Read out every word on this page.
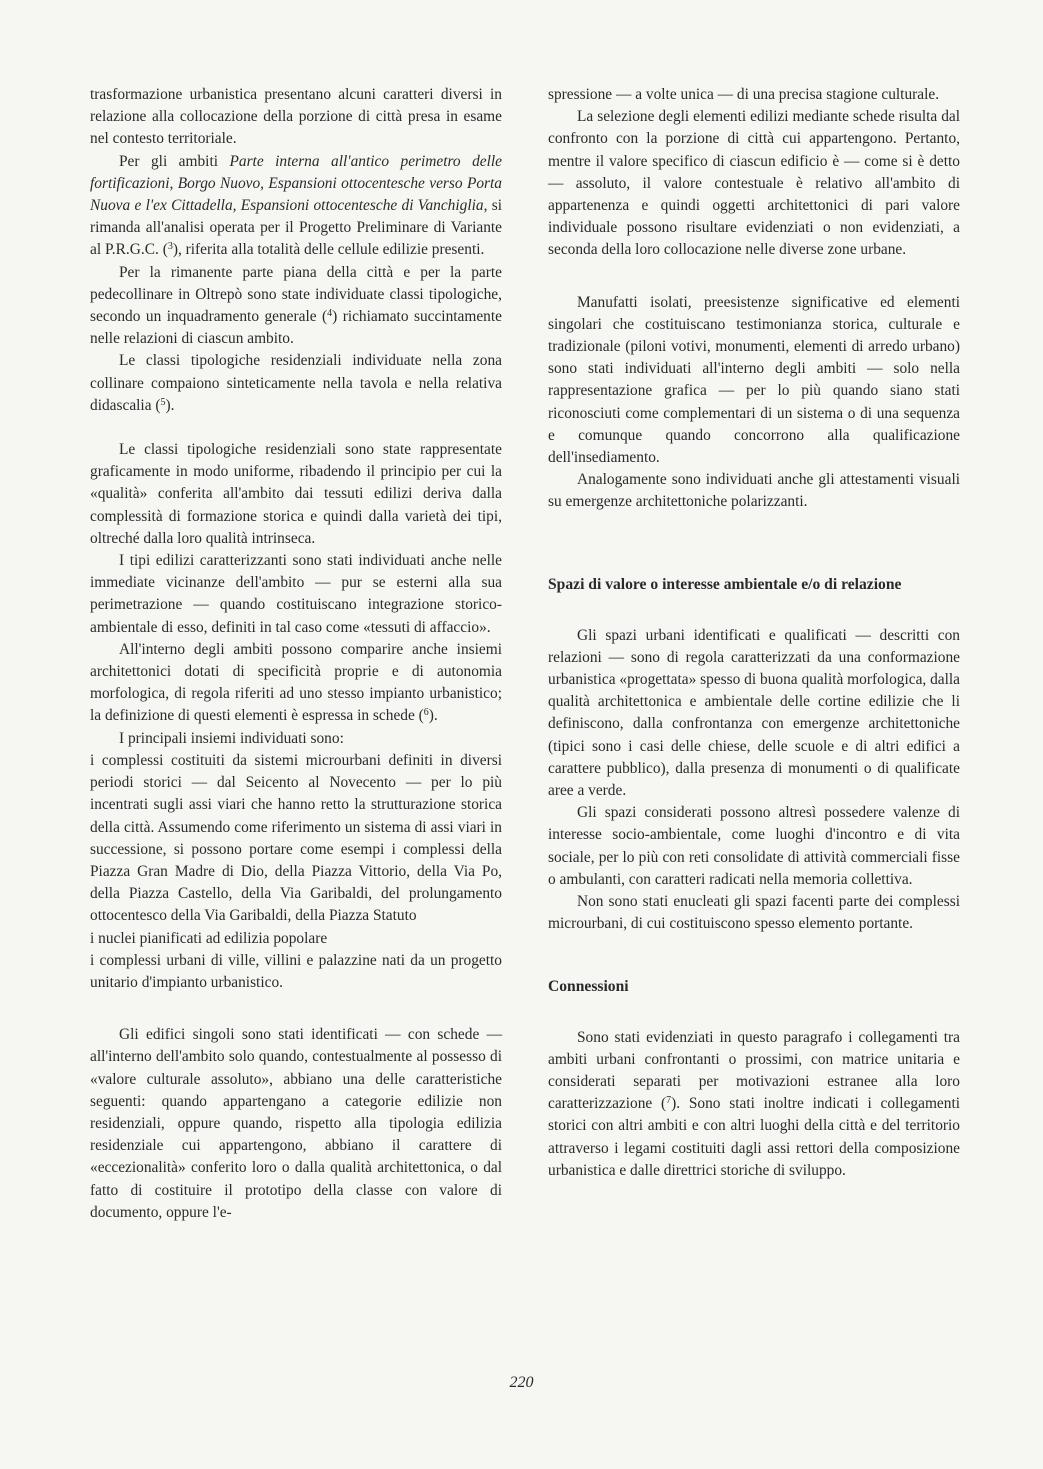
trasformazione urbanistica presentano alcuni caratteri diversi in relazione alla collocazione della porzione di città presa in esame nel contesto territoriale.

Per gli ambiti Parte interna all'antico perimetro delle fortificazioni, Borgo Nuovo, Espansioni ottocentesche verso Porta Nuova e l'ex Cittadella, Espansioni ottocentesche di Vanchiglia, si rimanda all'analisi operata per il Progetto Preliminare di Variante al P.R.G.C. ($^3$), riferita alla totalità delle cellule edilizie presenti.

Per la rimanente parte piana della città e per la parte pedecollinare in Oltrepò sono state individuate classi tipologiche, secondo un inquadramento generale ($^4$) richiamato succintamente nelle relazioni di ciascun ambito.

Le classi tipologiche residenziali individuate nella zona collinare compaiono sinteticamente nella tavola e nella relativa didascalia ($^5$).

Le classi tipologiche residenziali sono state rappresentate graficamente in modo uniforme, ribadendo il principio per cui la «qualità» conferita all'ambito dai tessuti edilizi deriva dalla complessità di formazione storica e quindi dalla varietà dei tipi, oltreché dalla loro qualità intrinseca.

I tipi edilizi caratterizzanti sono stati individuati anche nelle immediate vicinanze dell'ambito — pur se esterni alla sua perimetrazione — quando costituiscano integrazione storico-ambientale di esso, definiti in tal caso come «tessuti di affaccio».

All'interno degli ambiti possono comparire anche insiemi architettonici dotati di specificità proprie e di autonomia morfologica, di regola riferiti ad uno stesso impianto urbanistico; la definizione di questi elementi è espressa in schede ($^6$).

I principali insiemi individuati sono:

i complessi costituiti da sistemi microurbani definiti in diversi periodi storici — dal Seicento al Novecento — per lo più incentrati sugli assi viari che hanno retto la strutturazione storica della città. Assumendo come riferimento un sistema di assi viari in successione, si possono portare come esempi i complessi della Piazza Gran Madre di Dio, della Piazza Vittorio, della Via Po, della Piazza Castello, della Via Garibaldi, del prolungamento ottocentesco della Via Garibaldi, della Piazza Statuto

i nuclei pianificati ad edilizia popolare

i complessi urbani di ville, villini e palazzine nati da un progetto unitario d'impianto urbanistico.

Gli edifici singoli sono stati identificati — con schede — all'interno dell'ambito solo quando, contestualmente al possesso di «valore culturale assoluto», abbiano una delle caratteristiche seguenti: quando appartengano a categorie edilizie non residenziali, oppure quando, rispetto alla tipologia edilizia residenziale cui appartengono, abbiano il carattere di «eccezionalità» conferito loro o dalla qualità architettonica, o dal fatto di costituire il prototipo della classe con valore di documento, oppure l'e-

spressione — a volte unica — di una precisa stagione culturale.

La selezione degli elementi edilizi mediante schede risulta dal confronto con la porzione di città cui appartengono. Pertanto, mentre il valore specifico di ciascun edificio è — come si è detto — assoluto, il valore contestuale è relativo all'ambito di appartenenza e quindi oggetti architettonici di pari valore individuale possono risultare evidenziati o non evidenziati, a seconda della loro collocazione nelle diverse zone urbane.

Manufatti isolati, preesistenze significative ed elementi singolari che costituiscano testimonianza storica, culturale e tradizionale (piloni votivi, monumenti, elementi di arredo urbano) sono stati individuati all'interno degli ambiti — solo nella rappresentazione grafica — per lo più quando siano stati riconosciuti come complementari di un sistema o di una sequenza e comunque quando concorrono alla qualificazione dell'insediamento.

Analogamente sono individuati anche gli attestamenti visuali su emergenze architettoniche polarizzanti.

Spazi di valore o interesse ambientale e/o di relazione

Gli spazi urbani identificati e qualificati — descritti con relazioni — sono di regola caratterizzati da una conformazione urbanistica «progettata» spesso di buona qualità morfologica, dalla qualità architettonica e ambientale delle cortine edilizie che li definiscono, dalla confrontanza con emergenze architettoniche (tipici sono i casi delle chiese, delle scuole e di altri edifici a carattere pubblico), dalla presenza di monumenti o di qualificate aree a verde.

Gli spazi considerati possono altresì possedere valenze di interesse socio-ambientale, come luoghi d'incontro e di vita sociale, per lo più con reti consolidate di attività commerciali fisse o ambulanti, con caratteri radicati nella memoria collettiva.

Non sono stati enucleati gli spazi facenti parte dei complessi microurbani, di cui costituiscono spesso elemento portante.

Connessioni

Sono stati evidenziati in questo paragrafo i collegamenti tra ambiti urbani confrontanti o prossimi, con matrice unitaria e considerati separati per motivazioni estranee alla loro caratterizzazione ($^7$). Sono stati inoltre indicati i collegamenti storici con altri ambiti e con altri luoghi della città e del territorio attraverso i legami costituiti dagli assi rettori della composizione urbanistica e dalle direttrici storiche di sviluppo.

220
